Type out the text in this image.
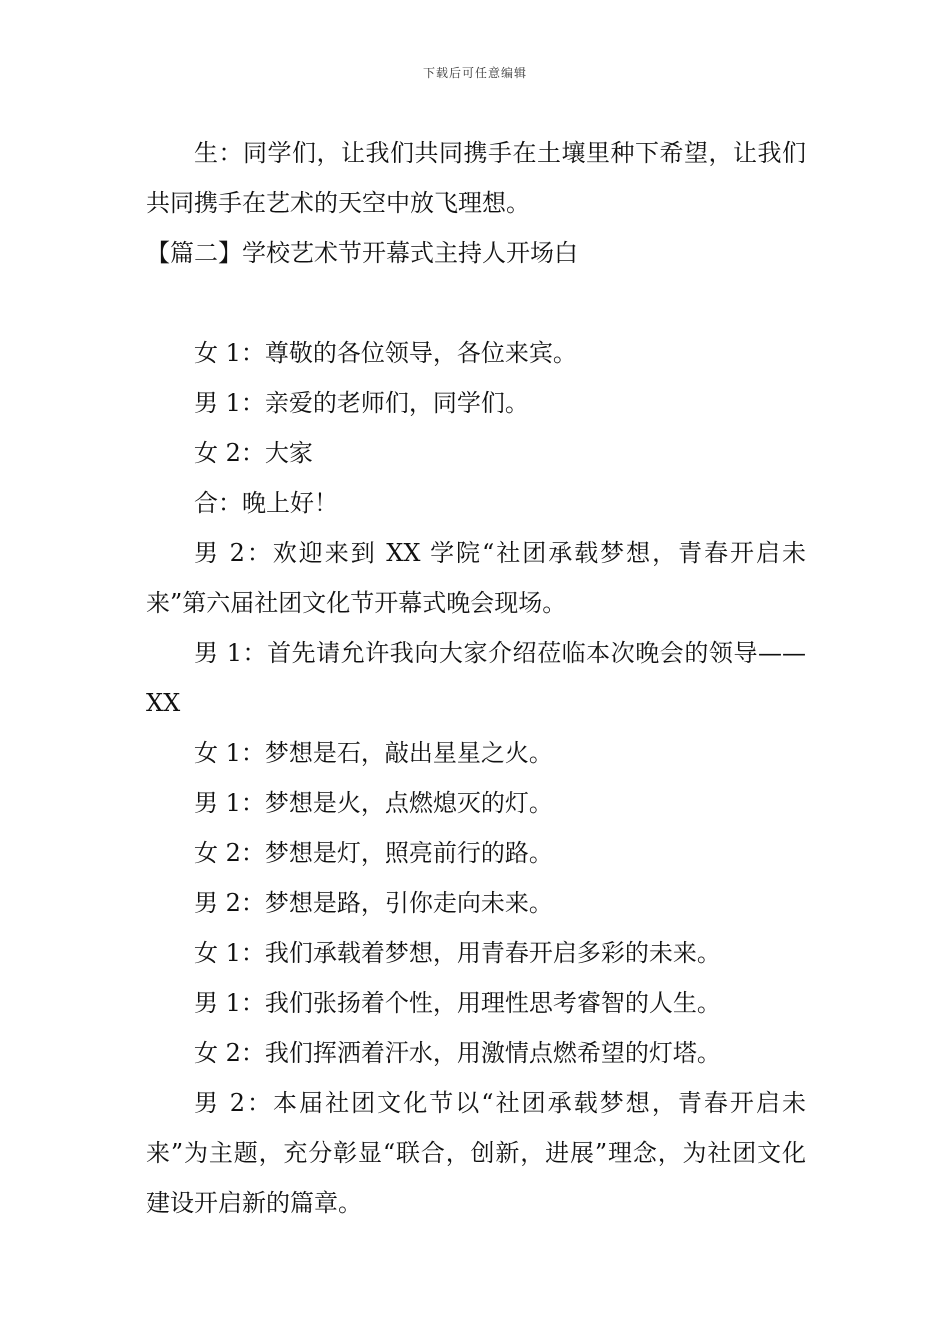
下载后可任意编辑

生：同学们，让我们共同携手在土壤里种下希望，让我们共同携手在艺术的天空中放飞理想。

【篇二】学校艺术节开幕式主持人开场白

女 1：尊敬的各位领导，各位来宾。

男 1：亲爱的老师们，同学们。

女 2：大家

合：晚上好！

男 2：欢迎来到 XX 学院“社团承载梦想，青春开启未来”第六届社团文化节开幕式晚会现场。

男 1：首先请允许我向大家介绍莅临本次晚会的领导——XX

女 1：梦想是石，敲出星星之火。

男 1：梦想是火，点燃熄灭的灯。

女 2：梦想是灯，照亮前行的路。

男 2：梦想是路，引你走向未来。

女 1：我们承载着梦想，用青春开启多彩的未来。

男 1：我们张扬着个性，用理性思考睿智的人生。

女 2：我们挥洒着汗水，用激情点燃希望的灯塔。

男 2：本届社团文化节以“社团承载梦想，青春开启未来”为主题，充分彰显“联合，创新，进展”理念，为社团文化建设开启新的篇章。
